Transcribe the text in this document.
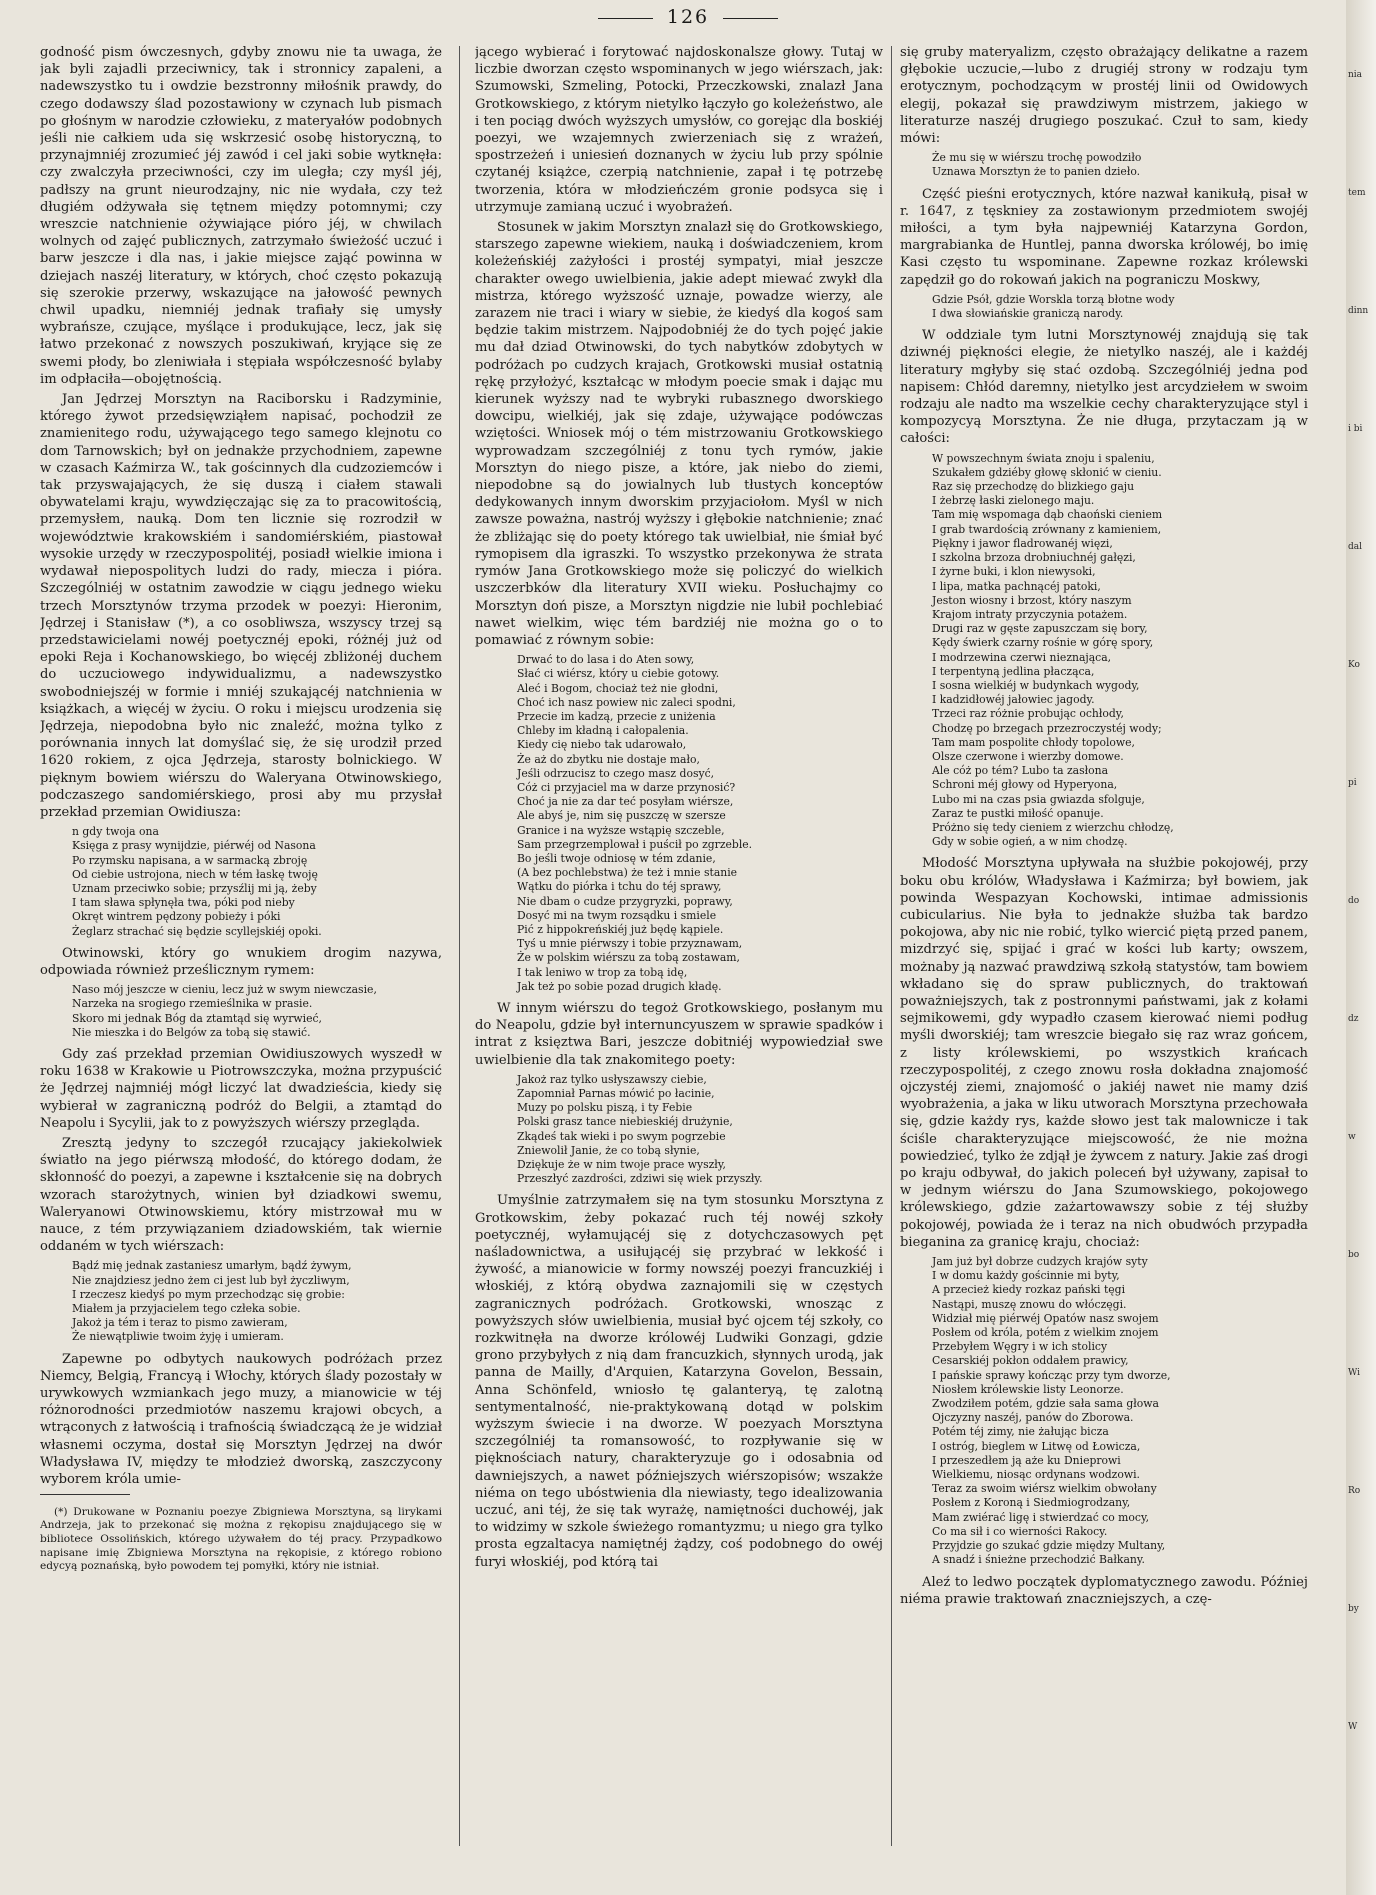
126

godność pism ówczesnych, gdyby znowu nie ta uwaga, że jak byli zajadli przeciwnicy, tak i stronnicy zapaleni, a nadewszystko tu i owdzie bezstronny miłośnik prawdy, do czego dodawszy ślad pozostawiony w czynach lub pismach po głośnym w narodzie człowieku, z materyałów podobnych jeśli nie całkiem uda się wskrzesić osobę historyczną, to przynajmniéj zrozumieć jéj zawód i cel jaki sobie wytknęła: czy zwalczyła przeciwności, czy im uległa; czy myśl jéj, padłszy na grunt nieurodzajny, nic nie wydała, czy też długiém odżywała się tętnem między potomnymi; czy wreszcie natchnienie ożywiające pióro jéj, w chwilach wolnych od zajęć publicznych, zatrzymało świeżość uczuć i barw jeszcze i dla nas, i jakie miejsce zająć powinna w dziejach naszéj literatury, w których, choć często pokazują się szerokie przerwy, wskazujące na jałowość pewnych chwil upadku, niemniéj jednak trafiały się umysły wybrańsze, czujące, myślące i produkujące, lecz, jak się łatwo przekonać z nowszych poszukiwań, kryjące się ze swemi płody, bo zleniwiała i stępiała współczesność bylaby im odpłaciła—obojętnością.

Jan Jędrzej Morsztyn na Raciborsku i Radzyminie, którego żywot przedsięwziąłem napisać, pochodził ze znamienitego rodu, używającego tego samego klejnotu co dom Tarnowskich; był on jednakże przychodniem, zapewne w czasach Kaźmirza W., tak gościnnych dla cudzoziemców i tak przyswajających, że się duszą i ciałem stawali obywatelami kraju, wywdzięczając się za to pracowitością, przemysłem, nauką. Dom ten licznie się rozrodził w województwie krakowskiém i sandomiérskiém, piastował wysokie urzędy w rzeczypospolitéj, posiadł wielkie imiona i wydawał niepospolitych ludzi do rady, miecza i pióra. Szczególniéj w ostatnim zawodzie w ciągu jednego wieku trzech Morsztynów trzyma przodek w poezyi: Hieronim, Jędrzej i Stanisław (*), a co osobliwsza, wszyscy trzej są przedstawicielami nowéj poetycznéj epoki, różnéj już od epoki Reja i Kochanowskiego, bo więcéj zbliżonéj duchem do uczuciowego indywidualizmu, a nadewszystko swobodniejszéj w formie i mniéj szukającéj natchnienia w książkach, a więcéj w życiu. O roku i miejscu urodzenia się Jędrzeja, niepodobna było nic znaleźć, można tylko z porównania innych lat domyślać się, że się urodził przed 1620 rokiem, z ojca Jędrzeja, starosty bolnickiego. W pięknym bowiem wiérszu do Waleryana Otwinowskiego, podczaszego sandomiérskiego, prosi aby mu przysłał przekład przemian Owidiusza:

n gdy twoja ona
Księga z prasy wynijdzie, piérwéj od Nasona
Po rzymsku napisana, a w sarmacką zbroję
Od ciebie ustrojona, niech w tém łaskę twoję
Uznam przeciwko sobie; przysźlij mi ją, żeby
I tam sława spłynęła twa, póki pod nieby
Okręt wintrem pędzony pobieży i póki
Żeglarz strachać się będzie scyllejskiéj opoki.

Otwinowski, który go wnukiem drogim nazywa, odpowiada również prześlicznym rymem:

Naso mój jeszcze w cieniu, lecz już w swym niewczasie,
Narzeka na srogiego rzemieślnika w prasie.
Skoro mi jednak Bóg da ztamtąd się wyrwieć,
Nie mieszka i do Belgów za tobą się stawić.

Gdy zaś przekład przemian Owidiuszowych wyszedł w roku 1638 w Krakowie u Piotrowszczyka, można przypuścić że Jędrzej najmniéj mógł liczyć lat dwadzieścia, kiedy się wybierał w zagraniczną podróż do Belgii, a ztamtąd do Neapolu i Sycylii, jak to z powyższych wiérszy przegląda.

Zresztą jedyny to szczegół rzucający jakiekolwiek światło na jego piérwszą młodość, do którego dodam, że skłonność do poezyi, a zapewne i kształcenie się na dobrych wzorach starożytnych, winien był dziadkowi swemu, Waleryanowi Otwinowskiemu, który mistrzował mu w nauce, z tém przywiązaniem dziadowskiém, tak wiernie oddaném w tych wiérszach:

Bądź mię jednak zastaniesz umarłym, bądź żywym,
Nie znajdziesz jedno żem ci jest lub był życzliwym,
I rzeczesz kiedyś po mym przechodząc się grobie:
Miałem ja przyjacielem tego człeka sobie.
Jakoż ja tém i teraz to pismo zawieram,
Że niewątpliwie twoim żyję i umieram.

Zapewne po odbytych naukowych podróżach przez Niemcy, Belgią, Francyą i Włochy, których ślady pozostały w urywkowych wzmiankach jego muzy, a mianowicie w téj różnorodności przedmiotów naszemu krajowi obcych, a wtrąconych z łatwością i trafnością świadczącą że je widział własnemi oczyma, dostał się Morsztyn Jędrzej na dwór Władysława IV, między te młodzież dworską, zaszczycony wyborem króla umie-

(*) Drukowane w Poznaniu poezye Zbigniewa Morsztyna, są lirykami Andrzeja, jak to przekonać się można z rękopisu znajdującego się w bibliotece Ossolińskich, którego używałem do téj pracy. Przypadkowo napisane imię Zbigniewa Morsztyna na rękopisie, z którego robiono edycyą poznańską, było powodem tej pomyłki, który nie istniał.

jącego wybierać i forytować najdoskonalsze głowy. Tutaj w liczbie dworzan często wspominanych w jego wiérszach, jak: Szumowski, Szmeling, Potocki, Przeczkowski, znalazł Jana Grotkowskiego, z którym nietylko łączyło go koleżeństwo, ale i ten pociąg dwóch wyższych umysłów, co gorejąc dla boskiéj poezyi, we wzajemnych zwierzeniach się z wrażeń, spostrzeżeń i uniesień doznanych w życiu lub przy spólnie czytanéj książce, czerpią natchnienie, zapał i tę potrzebę tworzenia, która w młodzieńczém gronie podsyca się i utrzymuje zamianą uczuć i wyobrażeń.

Stosunek w jakim Morsztyn znalazł się do Grotkowskiego, starszego zapewne wiekiem, nauką i doświadczeniem, krom koleżeńskiéj zażyłości i prostéj sympatyi, miał jeszcze charakter owego uwielbienia, jakie adept miewać zwykł dla mistrza, którego wyższość uznaje, powadze wierzy, ale zarazem nie traci i wiary w siebie, że kiedyś dla kogoś sam będzie takim mistrzem. Najpodobniéj że do tych pojęć jakie mu dał dziad Otwinowski, do tych nabytków zdobytych w podróżach po cudzych krajach, Grotkowski musiał ostatnią rękę przyłożyć, kształcąc w młodym poecie smak i dając mu kierunek wyższy nad te wybryki rubasznego dworskiego dowcipu, wielkiéj, jak się zdaje, używające podówczas wziętości. Wniosek mój o tém mistrzowaniu Grotkowskiego wyprowadzam szczególniéj z tonu tych rymów, jakie Morsztyn do niego pisze, a które, jak niebo do ziemi, niepodobne są do jowialnych lub tłustych konceptów dedykowanych innym dworskim przyjaciołom. Myśl w nich zawsze poważna, nastrój wyższy i głębokie natchnienie; znać że zbliżając się do poety którego tak uwielbiał, nie śmiał być rymopisem dla igraszki. To wszystko przekonywa że strata rymów Jana Grotkowskiego może się policzyć do wielkich uszczerbków dla literatury XVII wieku. Posłuchajmy co Morsztyn doń pisze, a Morsztyn nigdzie nie lubił pochlebiać nawet wielkim, więc tém bardziéj nie można go o to pomawiać z równym sobie:

Drwać to do lasa i do Aten sowy,
Słać ci wiérsz, który u ciebie gotowy.
Aleć i Bogom, chociaż też nie głodni,
Choć ich nasz powiew nic zaleci spodni,
Przecie im kadzą, przecie z uniżenia
Chleby im kładną i całopalenia.
Kiedy cię niebo tak udarowało,
Że aż do zbytku nie dostaje mało,
Jeśli odrzucisz to czego masz dosyć,
Cóż ci przyjaciel ma w darze przynosić?
Choć ja nie za dar teć posyłam wiérsze,
Ale abyś je, nim się puszczę w szersze
Granice i na wyższe wstąpię szczeble,
Sam przegrzemplował i puścił po zgrzeble.
Bo jeśli twoje odniosę w tém zdanie,
(A bez pochlebstwa) że też i mnie stanie
Wątku do piórka i tchu do téj sprawy,
Nie dbam o cudze przygryzki, poprawy,
Dosyć mi na twym rozsądku i smiele
Pić z hippokreńskiéj już będę kąpiele.
Tyś u mnie piérwszy i tobie przyznawam,
Że w polskim wiérszu za tobą zostawam,
I tak leniwo w trop za tobą idę,
Jak też po sobie pozad drugich kładę.

W innym wiérszu do tegoż Grotkowskiego, posłanym mu do Neapolu, gdzie był internuncyuszem w sprawie spadków i intrat z księztwa Bari, jeszcze dobitniéj wypowiedział swe uwielbienie dla tak znakomitego poety:

Jakoż raz tylko usłyszawszy ciebie,
Zapomniał Parnas mówić po łacinie,
Muzy po polsku piszą, i ty Febie
Polski grasz tance niebieskiéj drużynie,
Zkądeś tak wieki i po swym pogrzebie
Zniewolił Janie, że co tobą słynie,
Dziękuje że w nim twoje prace wyszły,
Przeszłyć zazdrości, zdziwi się wiek przyszły.

Umyślnie zatrzymałem się na tym stosunku Morsztyna z Grotkowskim, żeby pokazać ruch téj nowéj szkoły poetycznéj, wyłamującéj się z dotychczasowych pęt naśladownictwa, a usiłującéj się przybrać w lekkość i żywość, a mianowicie w formy nowszéj poezyi francuzkiéj i włoskiéj, z którą obydwa zaznajomili się w częstych zagranicznych podróżach. Grotkowski, wnosząc z powyższych słów uwielbienia, musiał być ojcem téj szkoły, co rozkwitnęła na dworze królowéj Ludwiki Gonzagi, gdzie grono przybyłych z nią dam francuzkich, słynnych urodą, jak panna de Mailly, d'Arquien, Katarzyna Govelon, Bessain, Anna Schönfeld, wniosło tę galanteryą, tę zalotną sentymentalność, nie-praktykowaną dotąd w polskim wyższym świecie i na dworze. W poezyach Morsztyna szczególniéj ta romansowość, to rozpływanie się w pięknościach natury, charakteryzuje go i odosabnia od dawniejszych, a nawet późniejszych wiérszopisów; wszakże niéma on tego ubóstwienia dla niewiasty, tego idealizowania uczuć, ani téj, że się tak wyrażę, namiętności duchowéj, jak to widzimy w szkole świeżego romantyzmu; u niego gra tylko prosta egzaltacya namiętnéj żądzy, coś podobnego do owéj furyi włoskiéj, pod którą tai

się gruby materyalizm, często obrażający delikatne a razem głębokie uczucie,—lubo z drugiéj strony w rodzaju tym erotycznym, pochodzącym w prostéj linii od Owidowych elegij, pokazał się prawdziwym mistrzem, jakiego w literaturze naszéj drugiego poszukać. Czuł to sam, kiedy mówi:

Że mu się w wiérszu trochę powodziło
Uznawa Morsztyn że to panien dzieło.

Część pieśni erotycznych, które nazwał kanikułą, pisał w r. 1647, z tęskniey za zostawionym przedmiotem swojéj miłości, a tym była najpewniéj Katarzyna Gordon, margrabianka de Huntlej, panna dworska królowéj, bo imię Kasi często tu wspominane. Zapewne rozkaz królewski zapędził go do rokowań jakich na pograniczu Moskwy,

Gdzie Psół, gdzie Worskla torzą błotne wody
I dwa słowiańskie graniczą narody.

W oddziale tym lutni Morsztynowéj znajdują się tak dziwnéj piękności elegie, że nietylko naszéj, ale i każdéj literatury mgłyby się stać ozdobą. Szczególniéj jedna pod napisem: Chłód daremny, nietylko jest arcydziełem w swoim rodzaju ale nadto ma wszelkie cechy charakteryzujące styl i kompozycyą Morsztyna. Że nie długa, przytaczam ją w całości:

W powszechnym świata znoju i spaleniu,
Szukałem gdziéby głowę skłonić w cieniu.
Raz się przechodzę do blizkiego gaju
I żebrzę łaski zielonego maju.
Tam mię wspomaga dąb chaoński cieniem
I grab twardością zrównany z kamieniem,
Piękny i jawor fladrowanéj więzi,
I szkolna brzoza drobniuchnéj gałęzi,
I żyrne buki, i klon niewysoki,
I lipa, matka pachnącéj patoki,
Jeston wiosny i brzost, który naszym
Krajom intraty przyczynia potażem.
Drugi raz w gęste zapuszczam się bory,
Kędy świerk czarny rośnie w górę spory,
I modrzewina czerwi nieznająca,
I terpentyną jedlina płacząca,
I sosna wielkiéj w budynkach wygody,
I kadzidłowéj jałowiec jagody.
Trzeci raz różnie probując ochłody,
Chodzę po brzegach przezroczystéj wody;
Tam mam pospolite chłody topolowe,
Olsze czerwone i wierzby domowe.
Ale cóż po tém? Lubo ta zasłona
Schroni méj głowy od Hyperyona,
Lubo mi na czas psia gwiazda sfolguje,
Zaraz te pustki miłość opanuje.
Próżno się tedy cieniem z wierzchu chłodzę,
Gdy w sobie ogień, a w nim chodzę.

Młodość Morsztyna upływała na służbie pokojowéj, przy boku obu królów, Władysława i Kaźmirza; był bowiem, jak powinda Wespazyan Kochowski, intimae admissionis cubicularius. Nie była to jednakże służba tak bardzo pokojowa, aby nic nie robić, tylko wiercić piętą przed panem, mizdrzyć się, spijać i grać w kości lub karty; owszem, możnaby ją nazwać prawdziwą szkołą statystów, tam bowiem wkładano się do spraw publicznych, do traktowań poważniejszych, tak z postronnymi państwami, jak z kołami sejmikowemi, gdy wypadło czasem kierować niemi podług myśli dworskiéj; tam wreszcie biegało się raz wraz gońcem, z listy królewskiemi, po wszystkich krańcach rzeczypospolitéj, z czego znowu rosła dokładna znajomość ojczystéj ziemi, znajomość o jakiéj nawet nie mamy dziś wyobrażenia, a jaka w liku utworach Morsztyna przechowała się, gdzie każdy rys, każde słowo jest tak malownicze i tak ściśle charakteryzujące miejscowość, że nie można powiedzieć, tylko że zdjął je żywcem z natury. Jakie zaś drogi po kraju odbywał, do jakich poleceń był używany, zapisał to w jednym wiérszu do Jana Szumowskiego, pokojowego królewskiego, gdzie zażartowawszy sobie z téj służby pokojowéj, powiada że i teraz na nich obudwóch przypadła bieganina za granicę kraju, chociaż:

Jam już był dobrze cudzych krajów syty
I w domu każdy gościnnie mi byty,
A przecież kiedy rozkaz pański tęgi
Nastąpi, muszę znowu do włóczęgi.
Widział mię piérwéj Opatów nasz swojem
Posłem od króla, potém z wielkim znojem
Przebyłem Węgry i w ich stolicy
Cesarskiéj pokłon oddałem prawicy,
I pańskie sprawy kończąc przy tym dworze,
Niosłem królewskie listy Leonorze.
Zwodziłem potém, gdzie sała sama głowa
Ojczyzny naszéj, panów do Zborowa.
Potém téj zimy, nie żałując bicza
I ostróg, bieglem w Litwę od Łowicza,
I przeszedłem ją aże ku Dnieprowi
Wielkiemu, niosąc ordynans wodzowi.
Teraz za swoim wiérsz wielkim obwołany
Posłem z Koroną i Siedmiogrodzany,
Mam zwiérać ligę i stwierdzać co mocy,
Co ma sił i co wierności Rakocy.
Przyjdzie go szukać gdzie między Multany,
A snadź i śnieżne przechodzić Bałkany.

Aleź to ledwo początek dyplomatycznego zawodu. Później niéma prawie traktowań znaczniejszych, a czę-

nia
tem
dinn
i bi
dal
Ko
pi
do
dz
w
bo
Wi
Ro
by
W
